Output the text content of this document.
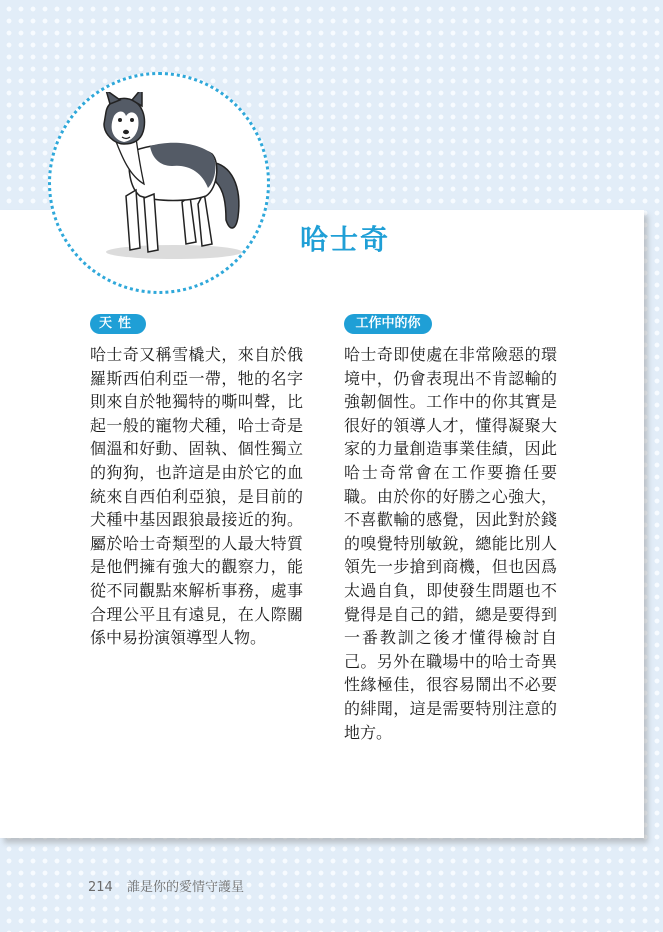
哈士奇
天性	工作中的你

哈士奇又稱雪橇犬，來自於俄羅斯西伯利亞一帶，牠的名字則來自於牠獨特的嘶叫聲，比起一般的寵物犬種，哈士奇是個溫和好動、固執、個性獨立的狗狗，也許這是由於它的血統來自西伯利亞狼，是目前的犬種中基因跟狼最接近的狗。屬於哈士奇類型的人最大特質是他們擁有強大的觀察力，能從不同觀點來解析事務，處事合理公平且有遠見，在人際關係中易扮演領導型人物。

哈士奇即使處在非常險惡的環境中，仍會表現出不肯認輸的強韌個性。工作中的你其實是很好的領導人才，懂得凝聚大家的力量創造事業佳績，因此哈士奇常會在工作要擔任要職。由於你的好勝之心強大，不喜歡輸的感覺，因此對於錢的嗅覺特別敏銳，總能比別人領先一步搶到商機，但也因爲太過自負，即使發生問題也不覺得是自己的錯，總是要得到一番教訓之後才懂得檢討自己。另外在職場中的哈士奇異性緣極佳，很容易鬧出不必要的緋聞，這是需要特別注意的地方。

214 誰是你的愛情守護星
